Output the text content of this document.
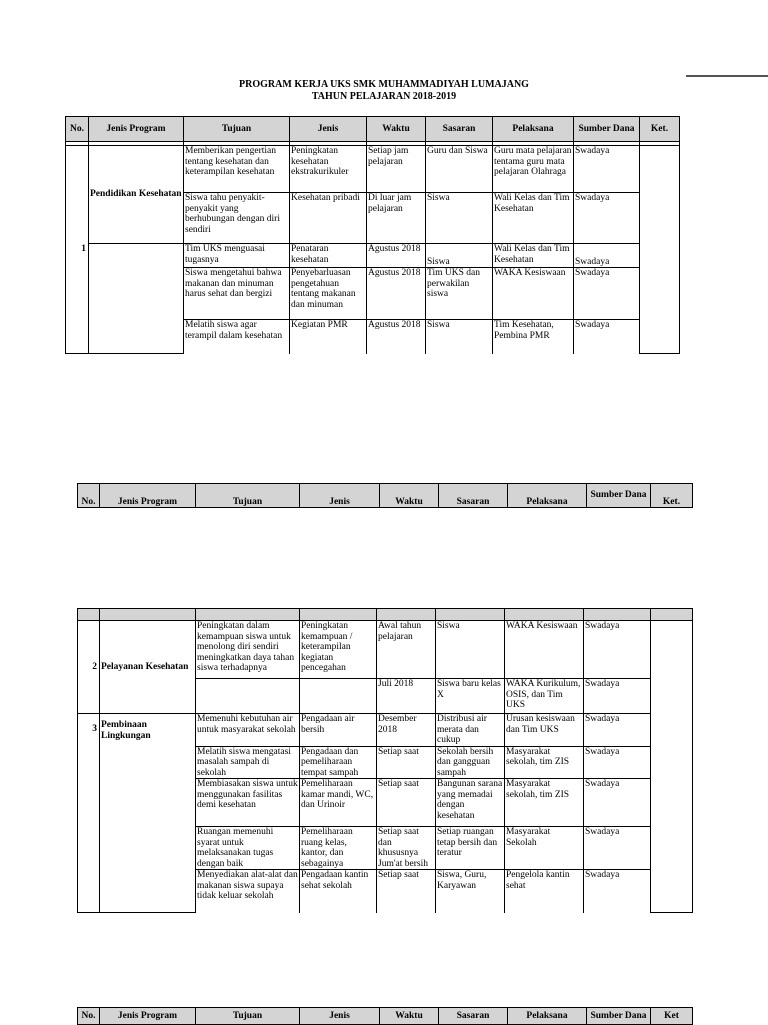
PROGRAM KERJA UKS SMK MUHAMMADIYAH LUMAJANG
TAHUN PELAJARAN 2018-2019
No.	Jenis Program	Tujuan	Jenis	Waktu	Sasaran	Pelaksana	Sumber Dana	Ket.

1	Pendidikan Kesehatan	Memberikan pengertian tentang kesehatan dan keterampilan kesehatan	Peningkatan kesehatan ekstrakurikuler	Setiap jam pelajaran	Guru dan Siswa	Guru mata pelajaran tentama guru mata pelajaran Olahraga	Swadaya	
		Siswa tahu penyakit-penyakit yang berhubungan dengan diri sendiri	Kesehatan pribadi	Di luar jam pelajaran	Siswa	Wali Kelas dan Tim Kesehatan	Swadaya	
		Tim UKS menguasai tugasnya	Penataran kesehatan	Agustus 2018	Siswa	Wali Kelas dan Tim Kesehatan	Swadaya	
		Siswa mengetahui bahwa makanan dan minuman harus sehat dan bergizi	Penyebarluasan pengetahuan tentang makanan dan minuman	Agustus 2018	Tim UKS dan perwakilan siswa	WAKA Kesiswaan	Swadaya	
		Melatih siswa agar terampil dalam kesehatan	Kegiatan PMR	Agustus 2018	Siswa	Tim Kesehatan, Pembina PMR	Swadaya	
No.	Jenis Program	Tujuan	Jenis	Waktu	Sasaran	Pelaksana	Sumber Dana	Ket.

2	Pelayanan Kesehatan	Peningkatan dalam kemampuan siswa untuk menolong diri sendiri meningkatkan daya tahan siswa terhadapnya	Peningkatan kemampuan / keterampilan kegiatan pencegahan	Awal tahun pelajaran	Siswa	WAKA Kesiswaan	Swadaya	
				Juli 2018	Siswa baru kelas X	WAKA Kurikulum, OSIS, dan Tim UKS	Swadaya	
3	Pembinaan Lingkungan	Memenuhi kebutuhan air untuk masyarakat sekolah	Pengadaan air bersih	Desember 2018	Distribusi air merata dan cukup	Urusan kesiswaan dan Tim UKS	Swadaya	
		Melatih siswa mengatasi masalah sampah di sekolah	Pengadaan dan pemeliharaan tempat sampah	Setiap saat	Sekolah bersih dan gangguan sampah	Masyarakat sekolah, tim ZIS	Swadaya	
		Membiasakan siswa untuk menggunakan fasilitas demi kesehatan	Pemeliharaan kamar mandi, WC, dan Urinoir	Setiap saat	Bangunan sarana yang memadai dengan kesehatan	Masyarakat sekolah, tim ZIS	Swadaya	
		Ruangan memenuhi syarat untuk melaksanakan tugas dengan baik	Pemeliharaan ruang kelas, kantor, dan sebagainya	Setiap saat dan khususnya Jum'at bersih	Setiap ruangan tetap bersih dan teratur	Masyarakat Sekolah	Swadaya	
		Menyediakan alat-alat dan makanan siswa supaya tidak keluar sekolah	Pengadaan kantin sehat sekolah	Setiap saat	Siswa, Guru, Karyawan	Pengelola kantin sehat	Swadaya	
No.	Jenis Program	Tujuan	Jenis	Waktu	Sasaran	Pelaksana	Sumber Dana	Ket
